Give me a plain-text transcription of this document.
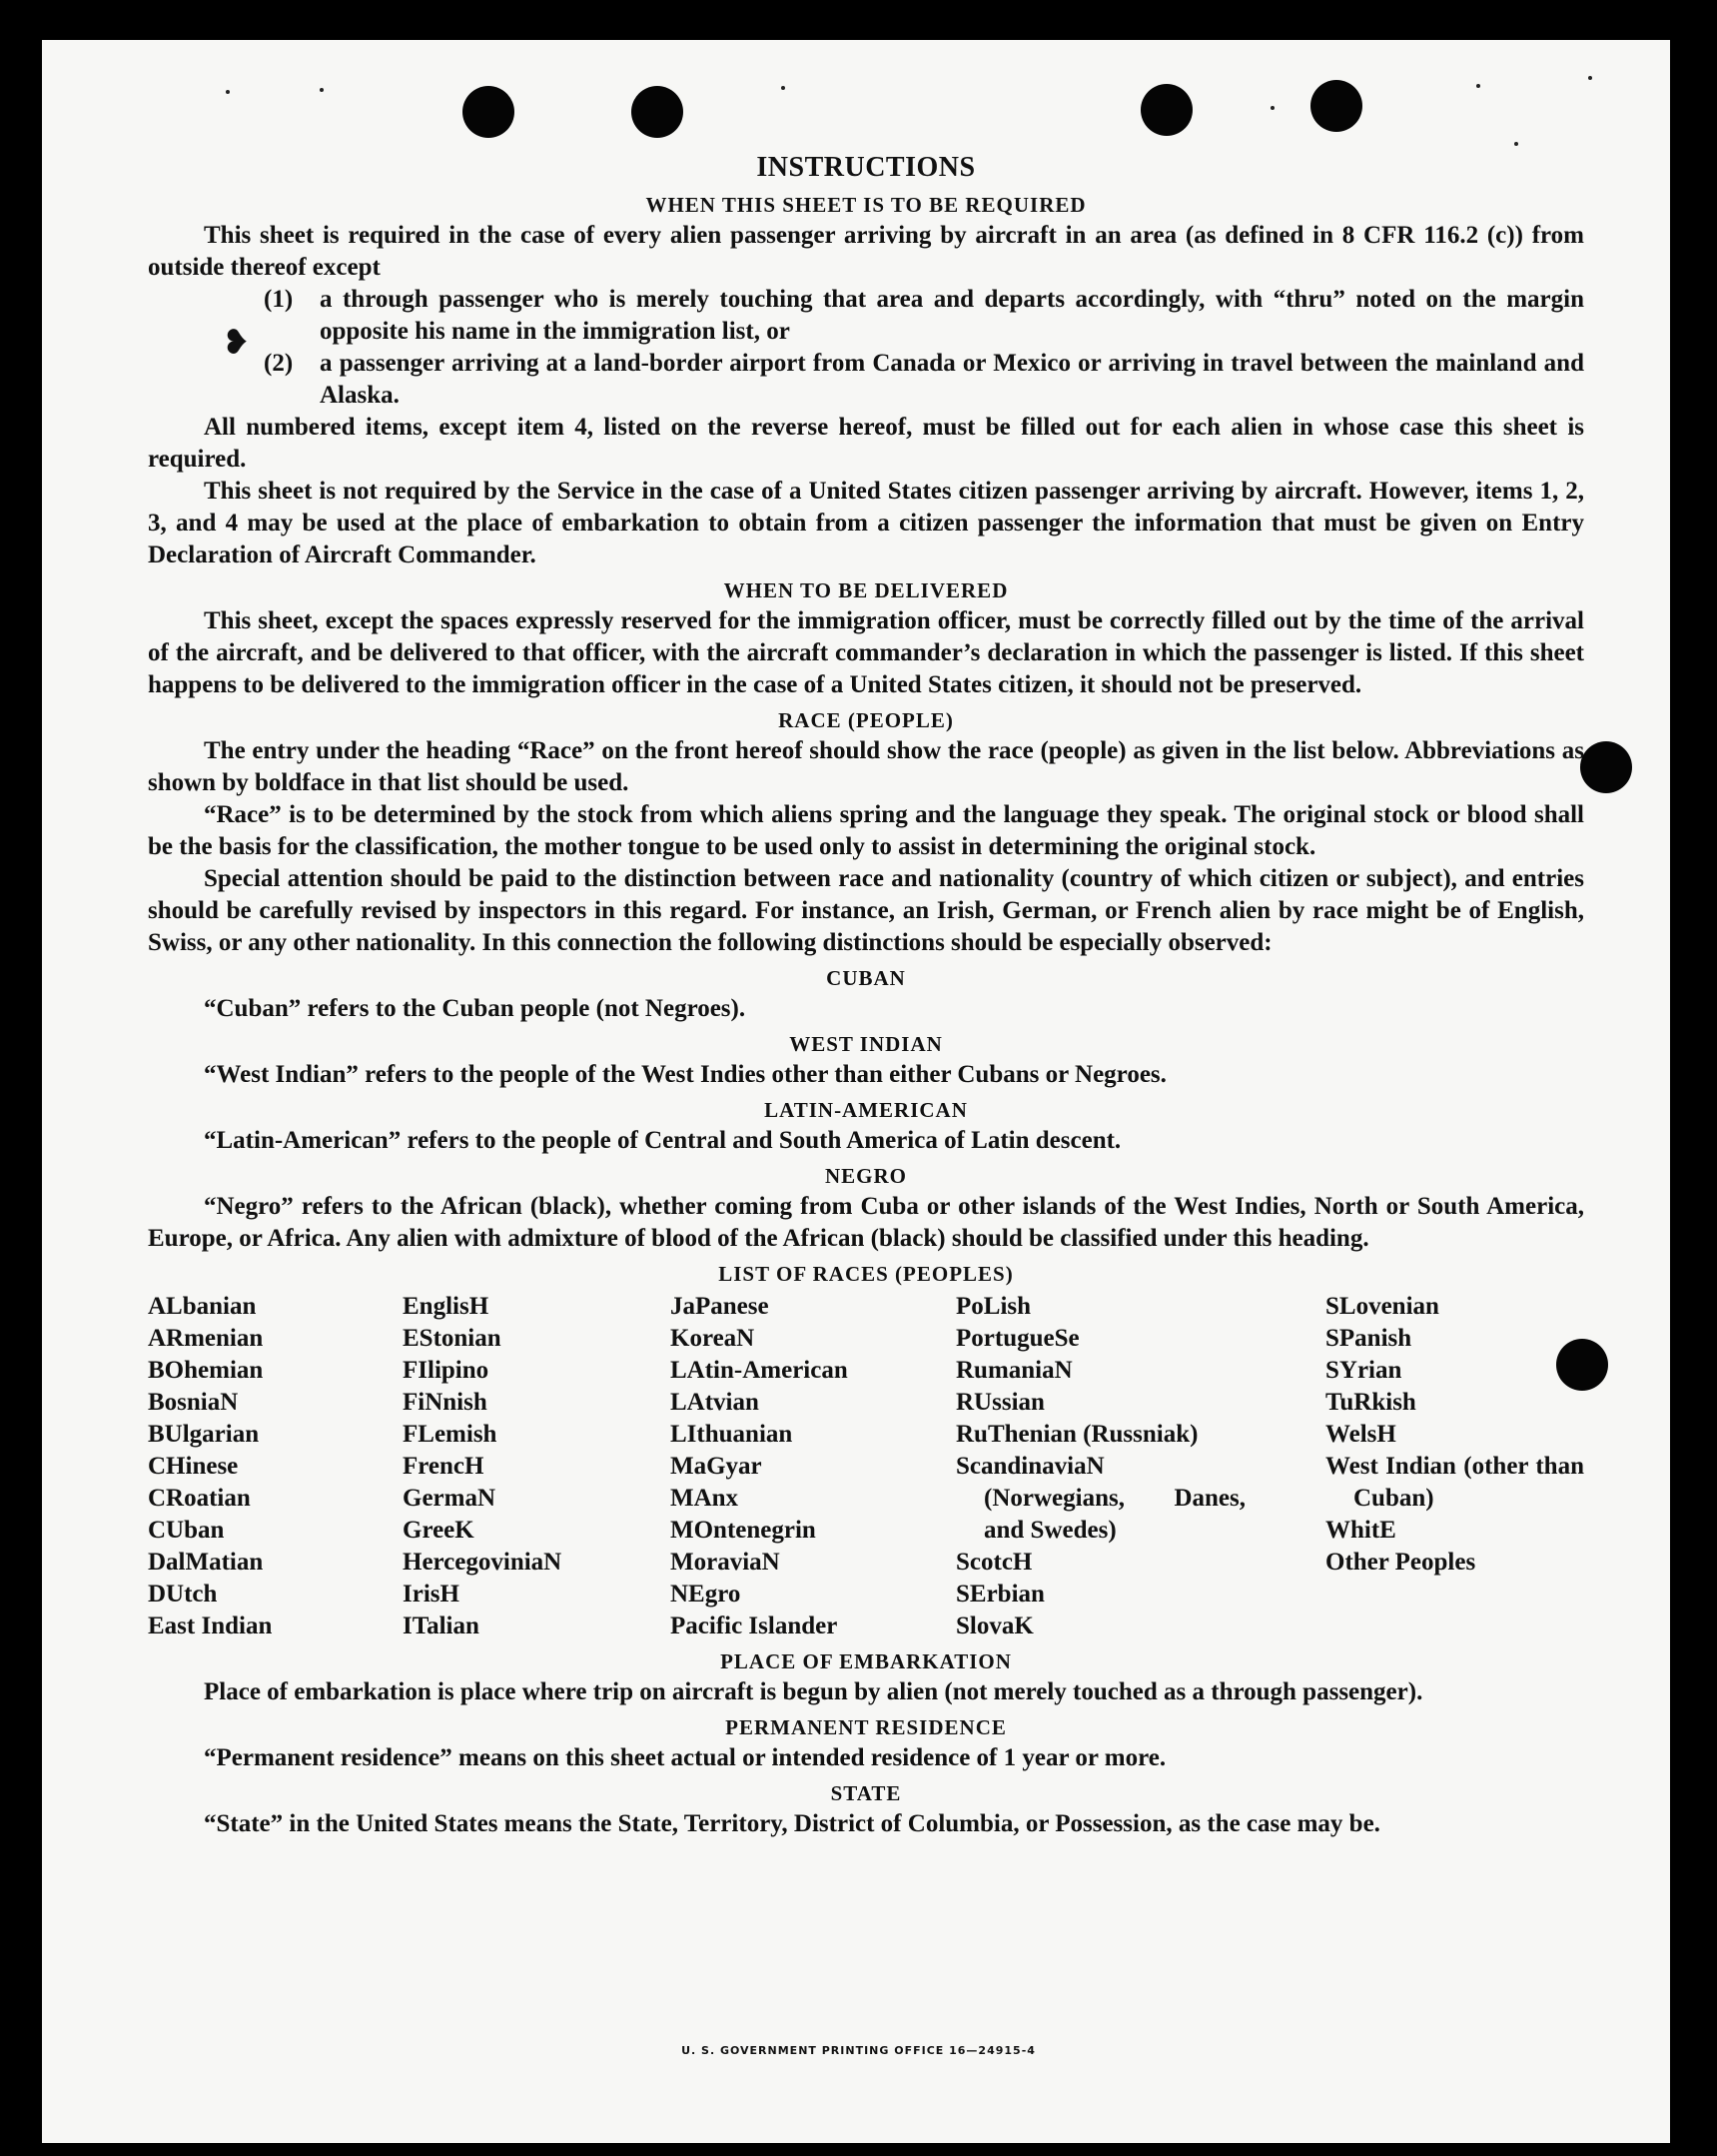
❥
INSTRUCTIONS
WHEN THIS SHEET IS TO BE REQUIRED

This sheet is required in the case of every alien passenger arriving by aircraft in an area (as defined in 8 CFR 116.2 (c)) from outside thereof except

(1)	a through passenger who is merely touching that area and departs accordingly, with “thru” noted on the margin opposite his name in the immigration list, or
(2)	a passenger arriving at a land-border airport from Canada or Mexico or arriving in travel between the mainland and Alaska.

All numbered items, except item 4, listed on the reverse hereof, must be filled out for each alien in whose case this sheet is required.

This sheet is not required by the Service in the case of a United States citizen passenger arriving by aircraft. However, items 1, 2, 3, and 4 may be used at the place of embarkation to obtain from a citizen passenger the information that must be given on Entry Declaration of Aircraft Commander.

WHEN TO BE DELIVERED

This sheet, except the spaces expressly reserved for the immigration officer, must be correctly filled out by the time of the arrival of the aircraft, and be delivered to that officer, with the aircraft commander’s declaration in which the passenger is listed. If this sheet happens to be delivered to the immigration officer in the case of a United States citizen, it should not be preserved.

RACE (PEOPLE)

The entry under the heading “Race” on the front hereof should show the race (people) as given in the list below. Abbreviations as shown by boldface in that list should be used.

“Race” is to be determined by the stock from which aliens spring and the language they speak. The original stock or blood shall be the basis for the classification, the mother tongue to be used only to assist in determining the original stock.

Special attention should be paid to the distinction between race and nationality (country of which citizen or subject), and entries should be carefully revised by inspectors in this regard. For instance, an Irish, German, or French alien by race might be of English, Swiss, or any other nationality. In this connection the following distinctions should be especially observed:

CUBAN

“Cuban” refers to the Cuban people (not Negroes).

WEST INDIAN

“West Indian” refers to the people of the West Indies other than either Cubans or Negroes.

LATIN-AMERICAN

“Latin-American” refers to the people of Central and South America of Latin descent.

NEGRO

“Negro” refers to the African (black), whether coming from Cuba or other islands of the West Indies, North or South America, Europe, or Africa. Any alien with admixture of blood of the African (black) should be classified under this heading.

LIST OF RACES (PEOPLES)
ALbanian
ARmenian
BOhemian
BosniaN
BUlgarian
CHinese
CRoatian
CUban
DalMatian
DUtch
East Indian
EnglisH
EStonian
FIlipino
FiNnish
FLemish
FrencH
GermaN
GreeK
HercegoviniaN
IrisH
ITalian
JaPanese
KoreaN
LAtin-American
LAtvian
LIthuanian
MaGyar
MAnx
MOntenegrin
MoraviaN
NEgro
Pacific Islander
PoLish
PortugueSe
RumaniaN
RUssian
RuThenian (Russniak)
ScandinaviaN (Norwegians, Danes, and Swedes)
ScotcH
SErbian
SlovaK
SLovenian
SPanish
SYrian
TuRkish
WelsH
West Indian (other than Cuban)
WhitE
Other Peoples
PLACE OF EMBARKATION

Place of embarkation is place where trip on aircraft is begun by alien (not merely touched as a through passenger).

PERMANENT RESIDENCE

“Permanent residence” means on this sheet actual or intended residence of 1 year or more.

STATE

“State” in the United States means the State, Territory, District of Columbia, or Possession, as the case may be.

U. S. GOVERNMENT PRINTING OFFICE 16—24915-4
